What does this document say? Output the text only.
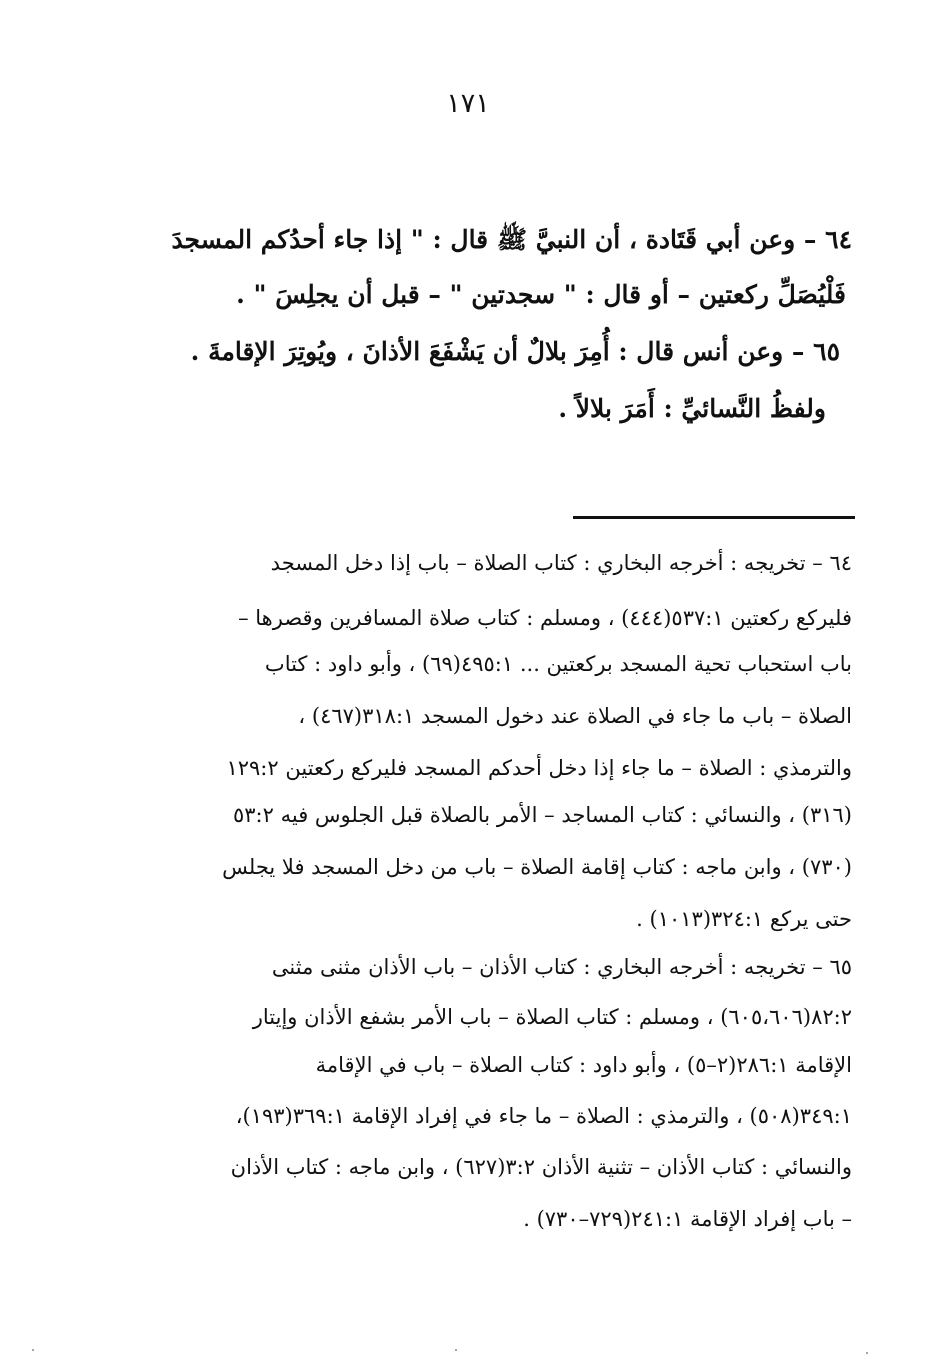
١٧١
٦٤ – وعن أبي قَتَادة ، أن النبيَّ ﷺ قال : " إذا جاء أحدُكم المسجدَ
فَلْيُصَلِّ ركعتين – أو قال : " سجدتين " – قبل أن يجلِسَ " .
٦٥ – وعن أنس قال : أُمِرَ بلالٌ أن يَشْفَعَ الأذانَ ، ويُوتِرَ الإقامةَ .
ولفظُ النَّسائيِّ : أَمَرَ بلالاً .
٦٤ – تخريجه : أخرجه البخاري : كتاب الصلاة – باب إذا دخل المسجد
فليركع ركعتين ٥٣٧:١(٤٤٤) ، ومسلم : كتاب صلاة المسافرين وقصرها –
باب استحباب تحية المسجد بركعتين ... ٤٩٥:١(٦٩) ، وأبو داود : كتاب
الصلاة – باب ما جاء في الصلاة عند دخول المسجد ٣١٨:١(٤٦٧) ،
والترمذي : الصلاة – ما جاء إذا دخل أحدكم المسجد فليركع ركعتين ١٢٩:٢
(٣١٦) ، والنسائي : كتاب المساجد – الأمر بالصلاة قبل الجلوس فيه ٥٣:٢
(٧٣٠) ، وابن ماجه : كتاب إقامة الصلاة – باب من دخل المسجد فلا يجلس
حتى يركع ٣٢٤:١(١٠١٣) .
٦٥ – تخريجه : أخرجه البخاري : كتاب الأذان – باب الأذان مثنى مثنى
٨٢:٢(٦٠٥،٦٠٦) ، ومسلم : كتاب الصلاة – باب الأمر بشفع الأذان وإيتار
الإقامة ٢٨٦:١(٢–٥) ، وأبو داود : كتاب الصلاة – باب في الإقامة
٣٤٩:١(٥٠٨) ، والترمذي : الصلاة – ما جاء في إفراد الإقامة ٣٦٩:١(١٩٣)،
والنسائي : كتاب الأذان – تثنية الأذان ٣:٢(٦٢٧) ، وابن ماجه : كتاب الأذان
– باب إفراد الإقامة ٢٤١:١(٧٢٩–٧٣٠) .
